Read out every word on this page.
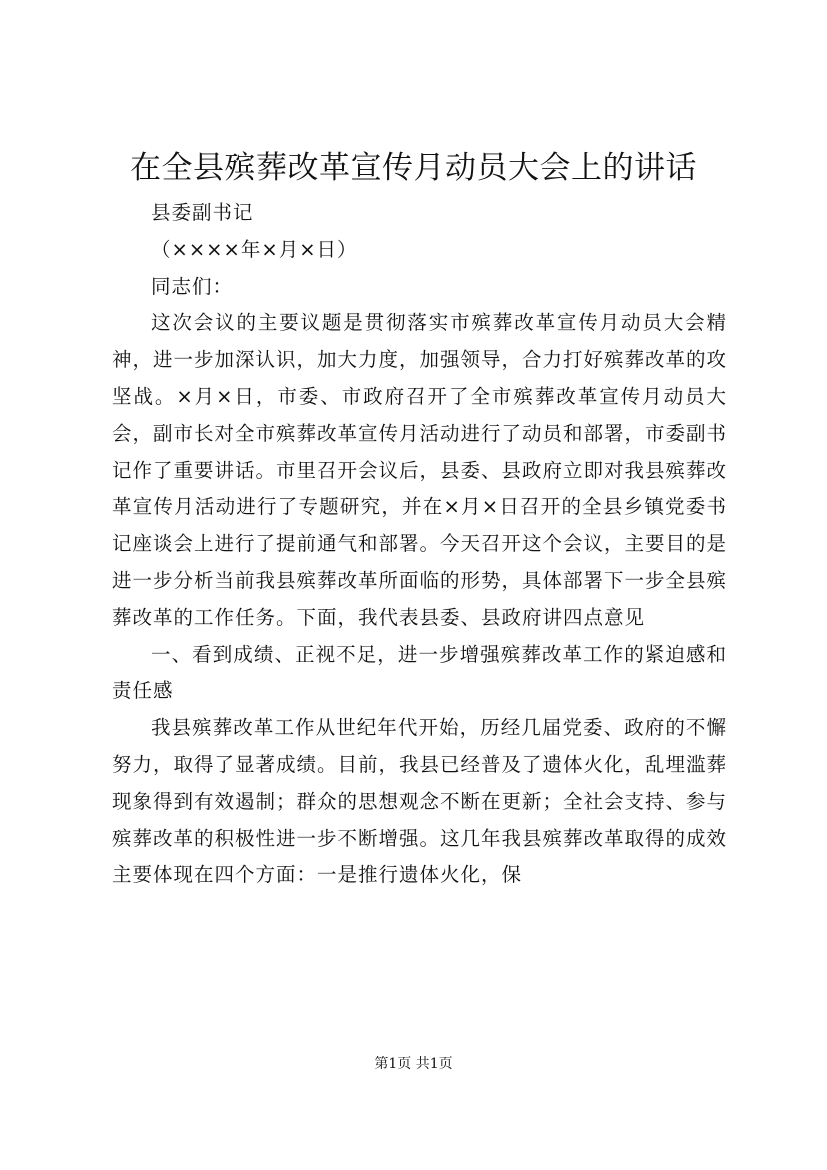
在全县殡葬改革宣传月动员大会上的讲话

县委副书记

（××××年×月×日）

同志们：

这次会议的主要议题是贯彻落实市殡葬改革宣传月动员大会精神，进一步加深认识，加大力度，加强领导，合力打好殡葬改革的攻坚战。×月×日，市委、市政府召开了全市殡葬改革宣传月动员大会，副市长对全市殡葬改革宣传月活动进行了动员和部署，市委副书记作了重要讲话。市里召开会议后，县委、县政府立即对我县殡葬改革宣传月活动进行了专题研究，并在×月×日召开的全县乡镇党委书记座谈会上进行了提前通气和部署。今天召开这个会议，主要目的是进一步分析当前我县殡葬改革所面临的形势，具体部署下一步全县殡葬改革的工作任务。下面，我代表县委、县政府讲四点意见

一、看到成绩、正视不足，进一步增强殡葬改革工作的紧迫感和责任感

我县殡葬改革工作从世纪年代开始，历经几届党委、政府的不懈努力，取得了显著成绩。目前，我县已经普及了遗体火化，乱埋滥葬现象得到有效遏制；群众的思想观念不断在更新；全社会支持、参与殡葬改革的积极性进一步不断增强。这几年我县殡葬改革取得的成效主要体现在四个方面：一是推行遗体火化，保

第1页 共1页
